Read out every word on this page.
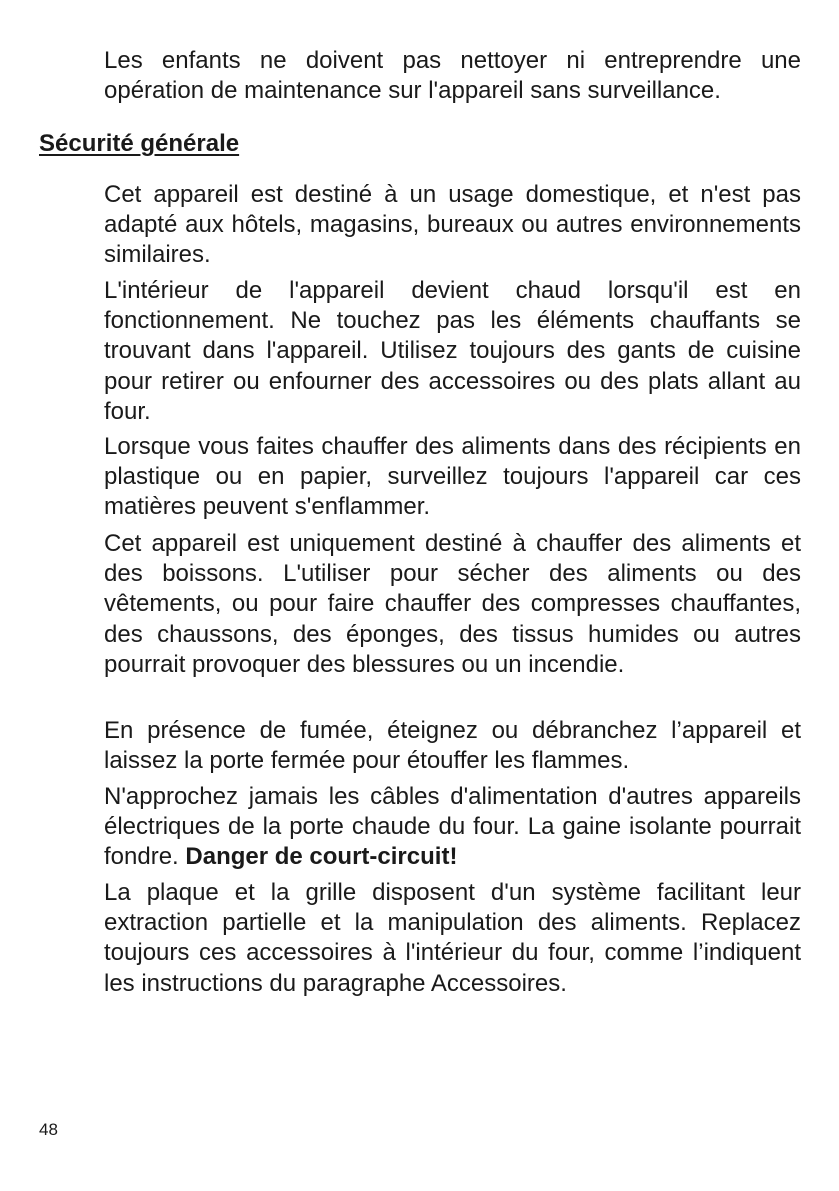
Les enfants ne doivent pas nettoyer ni entreprendre une opération de maintenance sur l'appareil sans surveillance.

Sécurité générale

Cet appareil est destiné à un usage domestique, et n'est pas adapté aux hôtels, magasins, bureaux ou autres environnements similaires.

L'intérieur de l'appareil devient chaud lorsqu'il est en fonctionnement. Ne touchez pas les éléments chauffants se trouvant dans l'appareil. Utilisez toujours des gants de cuisine pour retirer ou enfourner des accessoires ou des plats allant au four.

Lorsque vous faites chauffer des aliments dans des récipients en plastique ou en papier, surveillez toujours l'appareil car ces matières peuvent s'enflammer.

Cet appareil est uniquement destiné à chauffer des aliments et des boissons. L'utiliser pour sécher des aliments ou des vêtements, ou pour faire chauffer des compresses chauffantes, des chaussons, des éponges, des tissus humides ou autres pourrait provoquer des blessures ou un incendie.

En présence de fumée, éteignez ou débranchez l’appareil et laissez la porte fermée pour étouffer les flammes.

N'approchez jamais les câbles d'alimentation d'autres appareils électriques de la porte chaude du four. La gaine isolante pourrait fondre. Danger de court-circuit!

La plaque et la grille disposent d'un système facilitant leur extraction partielle et la manipulation des aliments. Replacez toujours ces accessoires à l'intérieur du four, comme l’indiquent les instructions du paragraphe Accessoires.

48
